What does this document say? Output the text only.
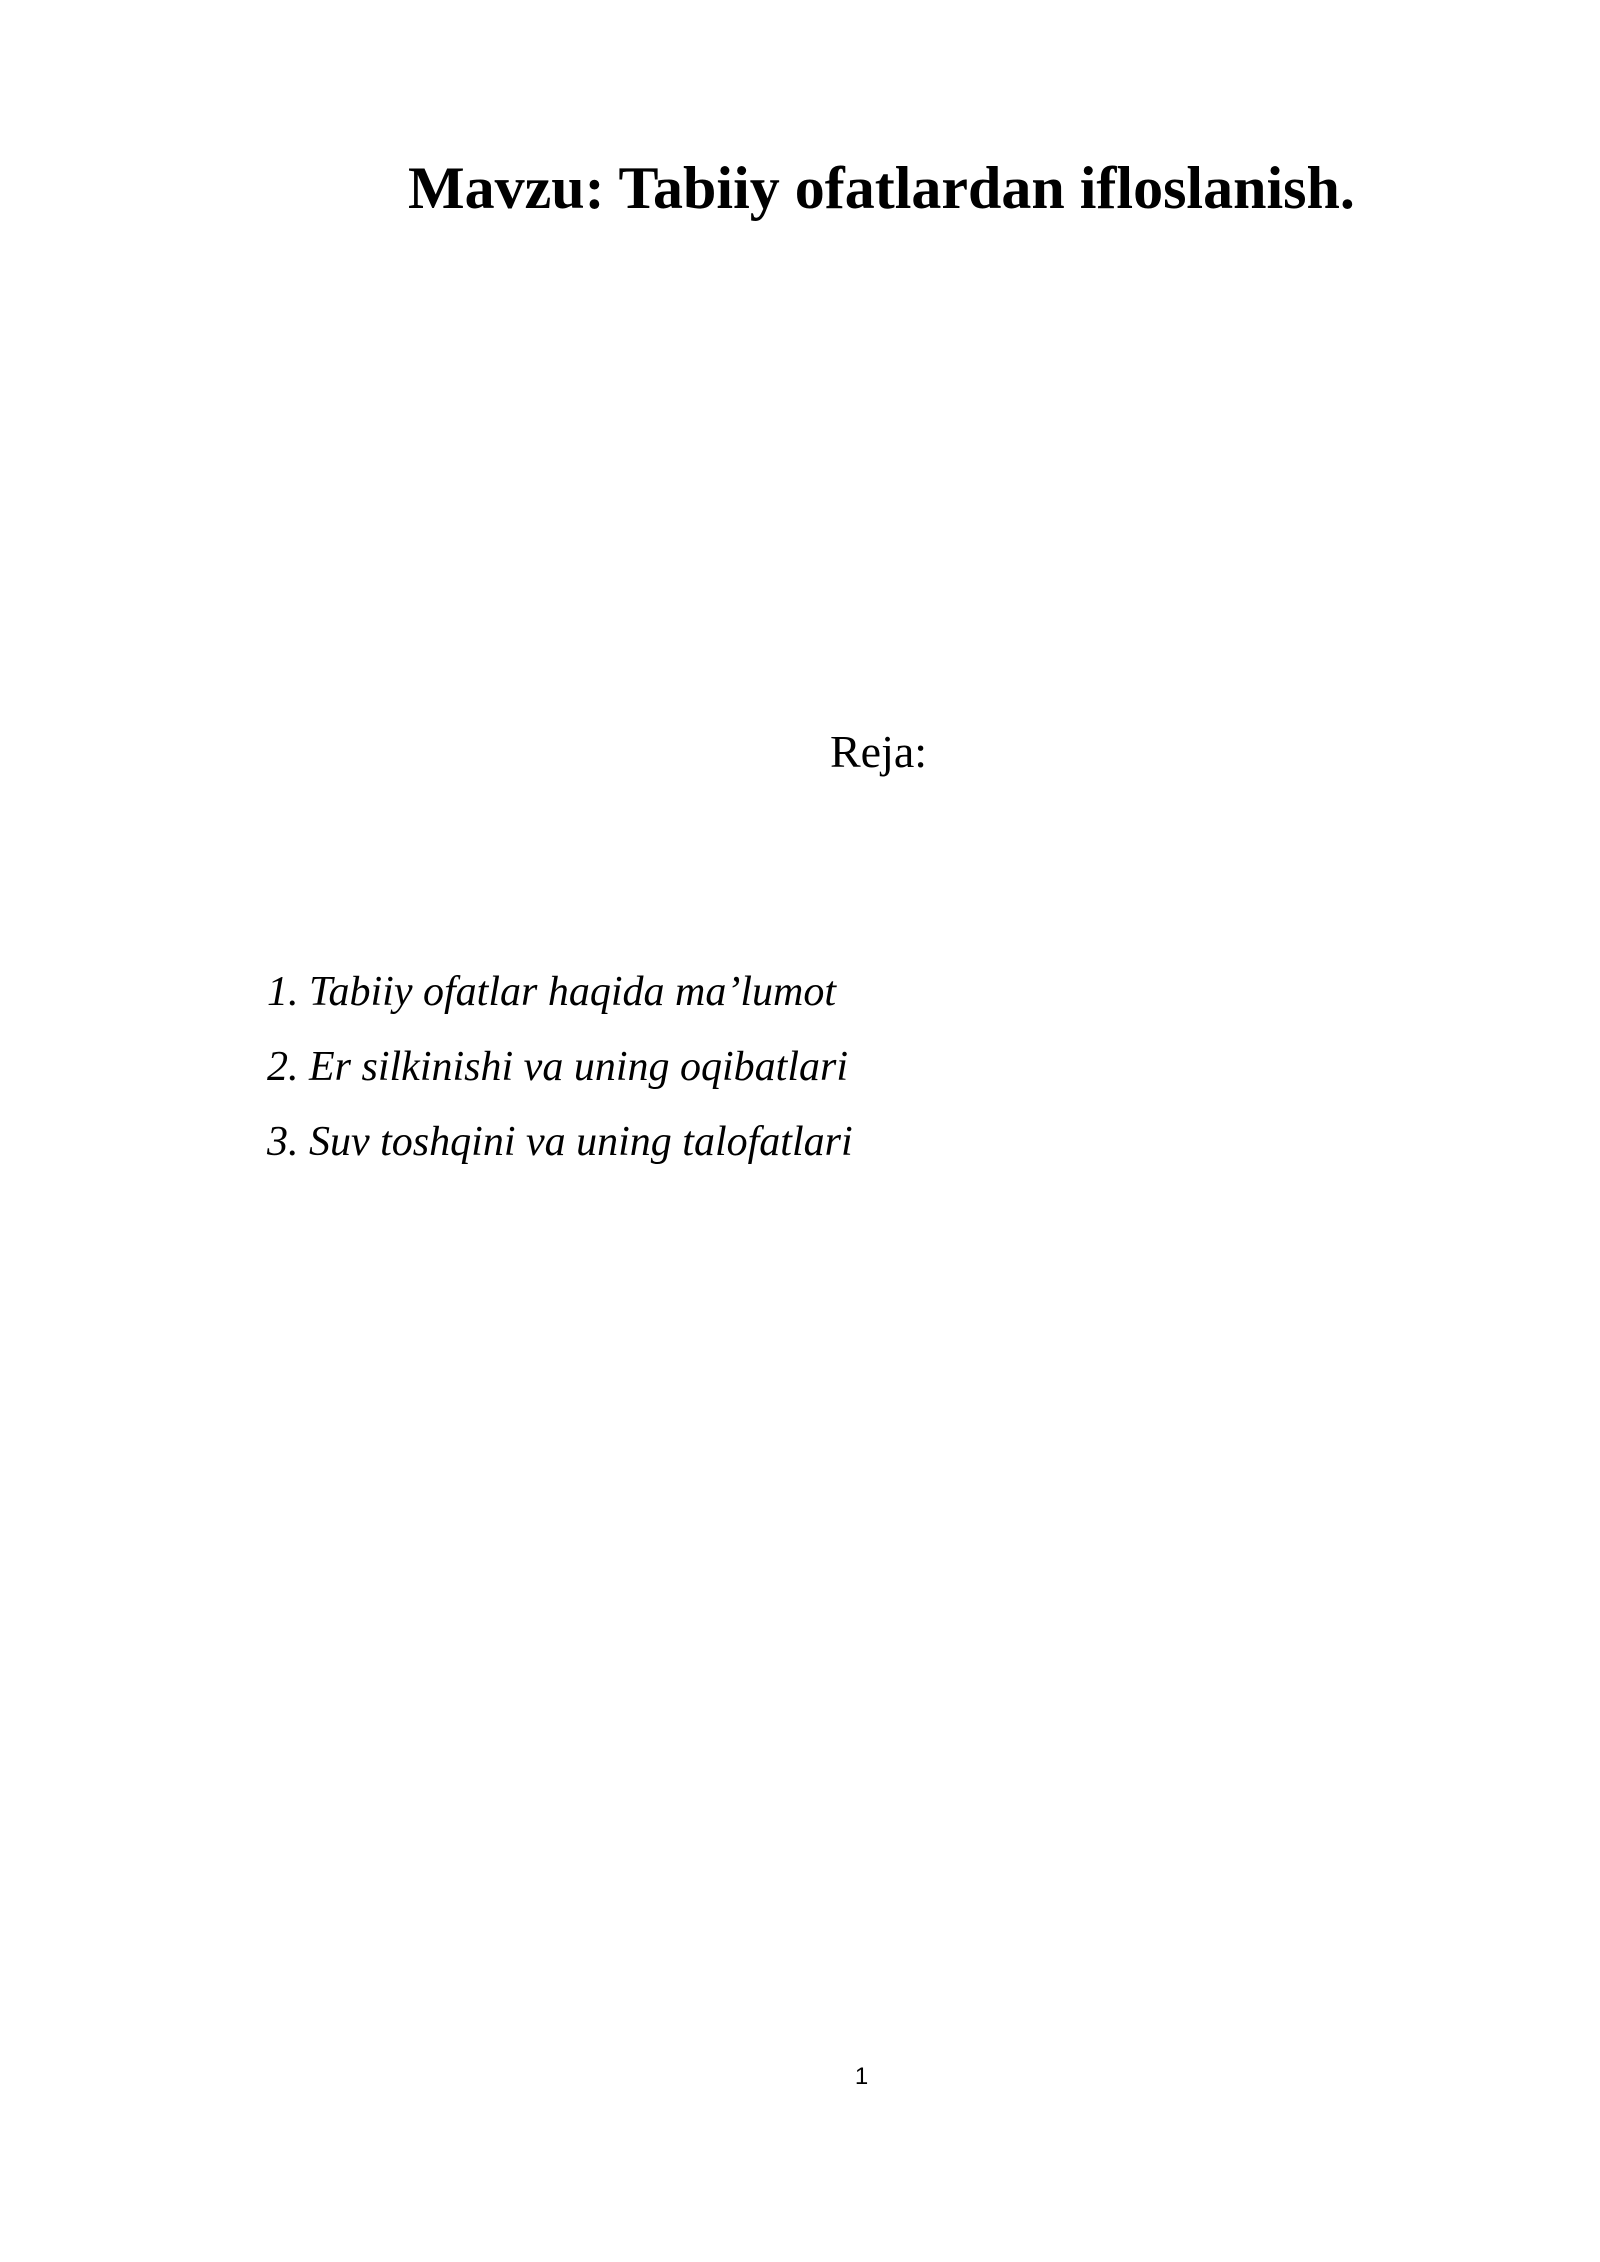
Mavzu: Tabiiy ofatlardan ifloslanish.

Reja:

1. Tabiiy ofatlar haqida ma’lumot
2. Er silkinishi va uning oqibatlari
3. Suv toshqini va uning talofatlari
1
